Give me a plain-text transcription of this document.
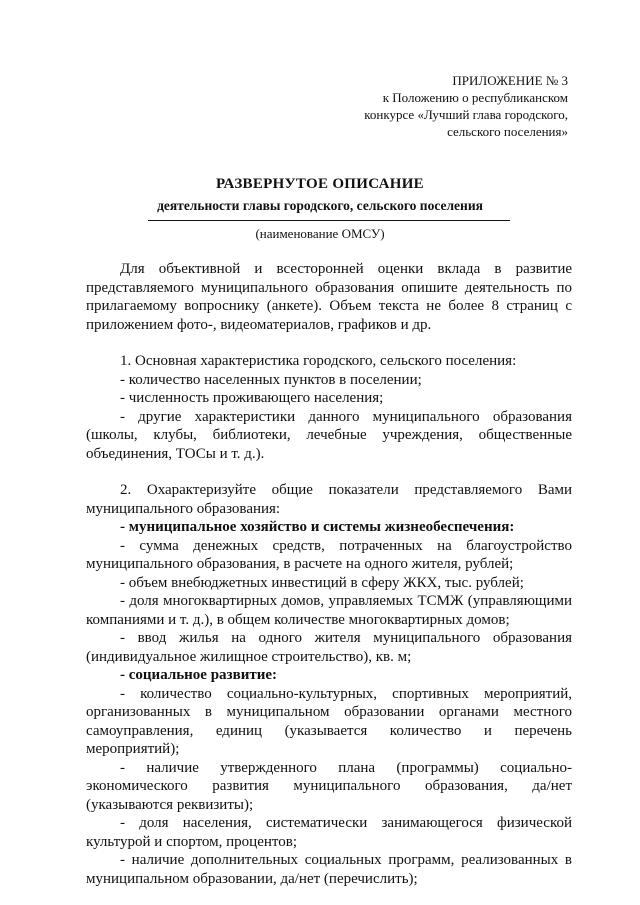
ПРИЛОЖЕНИЕ № 3
к Положению о республиканском
конкурсе «Лучший глава городского,
сельского поселения»
РАЗВЕРНУТОЕ ОПИСАНИЕ
деятельности главы городского, сельского поселения
(наименование ОМСУ)

Для объективной и всесторонней оценки вклада в развитие представляемого муниципального образования опишите деятельность по прилагаемому вопроснику (анкете). Объем текста не более 8 страниц с приложением фото-, видеоматериалов, графиков и др.

1. Основная характеристика городского, сельского поселения:

- количество населенных пунктов в поселении;

- численность проживающего населения;

- другие характеристики данного муниципального образования (школы, клубы, библиотеки, лечебные учреждения, общественные объединения, ТОСы и т. д.).

2. Охарактеризуйте общие показатели представляемого Вами муниципального образования:

- муниципальное хозяйство и системы жизнеобеспечения:

- сумма денежных средств, потраченных на благоустройство муниципального образования, в расчете на одного жителя, рублей;

- объем внебюджетных инвестиций в сферу ЖКХ, тыс. рублей;

- доля многоквартирных домов, управляемых ТСМЖ (управляющими компаниями и т. д.), в общем количестве многоквартирных домов;

- ввод жилья на одного жителя муниципального образования (индивидуальное жилищное строительство), кв. м;

- социальное развитие:

- количество социально-культурных, спортивных мероприятий, организованных в муниципальном образовании органами местного самоуправления, единиц (указывается количество и перечень мероприятий);

- наличие утвержденного плана (программы) социально-экономического развития муниципального образования, да/нет (указываются реквизиты);

- доля населения, систематически занимающегося физической культурой и спортом, процентов;

- наличие дополнительных социальных программ, реализованных в муниципальном образовании, да/нет (перечислить);
